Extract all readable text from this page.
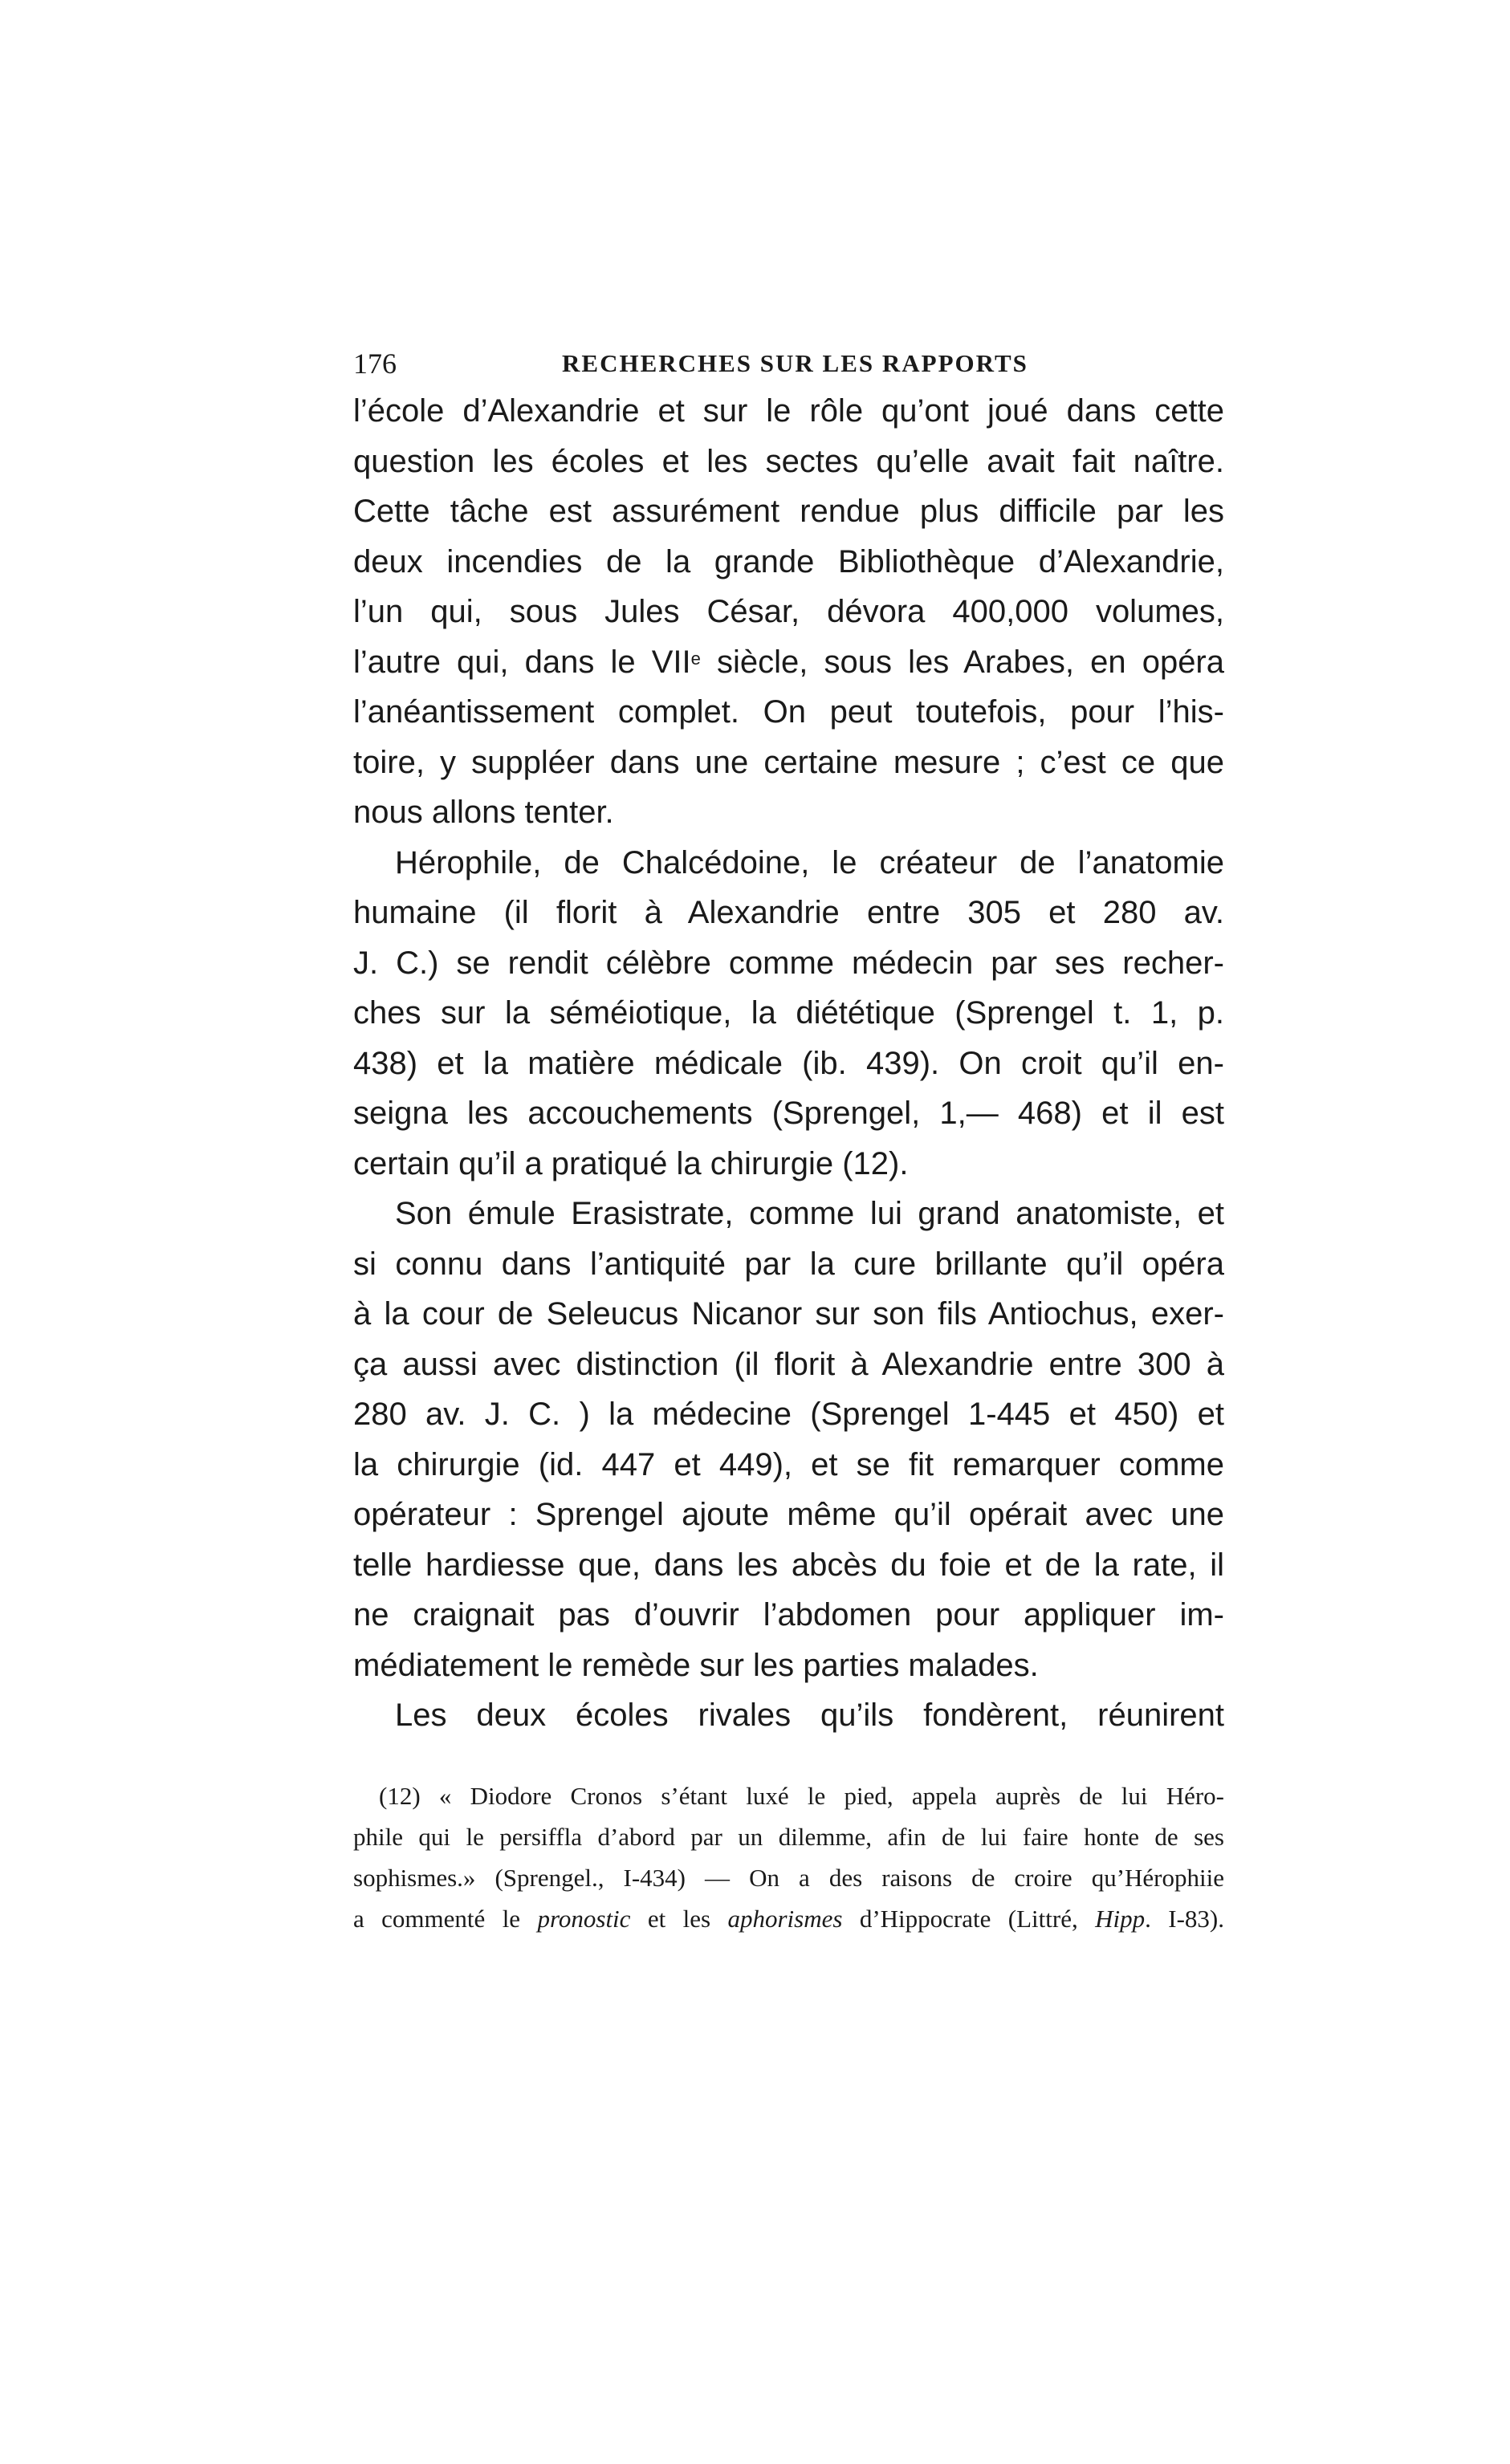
176	RECHERCHES SUR LES RAPPORTS
l’école d’Alexandrie et sur le rôle qu’ont joué dans cette
question les écoles et les sectes qu’elle avait fait naître.
Cette tâche est assurément rendue plus difficile par les
deux incendies de la grande Bibliothèque d’Alexandrie,
l’un qui, sous Jules César, dévora 400,000 volumes,
l’autre qui, dans le VIIe siècle, sous les Arabes, en opéra
l’anéantissement complet. On peut toutefois, pour l’his-
toire, y suppléer dans une certaine mesure ; c’est ce que
nous allons tenter.
Hérophile, de Chalcédoine, le créateur de l’anatomie
humaine (il florit à Alexandrie entre 305 et 280 av.
J. C.) se rendit célèbre comme médecin par ses recher-
ches sur la séméiotique, la diététique (Sprengel t. 1, p.
438) et la matière médicale (ib. 439). On croit qu’il en-
seigna les accouchements (Sprengel, 1,— 468) et il est
certain qu’il a pratiqué la chirurgie (12).
Son émule Erasistrate, comme lui grand anatomiste, et
si connu dans l’antiquité par la cure brillante qu’il opéra
à la cour de Seleucus Nicanor sur son fils Antiochus, exer-
ça aussi avec distinction (il florit à Alexandrie entre 300 à
280 av. J. C. ) la médecine (Sprengel 1-445 et 450) et
la chirurgie (id. 447 et 449), et se fit remarquer comme
opérateur : Sprengel ajoute même qu’il opérait avec une
telle hardiesse que, dans les abcès du foie et de la rate, il
ne craignait pas d’ouvrir l’abdomen pour appliquer im-
médiatement le remède sur les parties malades.
Les deux écoles rivales qu’ils fondèrent, réunirent
(12) « Diodore Cronos s’étant luxé le pied, appela auprès de lui Héro-
phile qui le persiffla d’abord par un dilemme, afin de lui faire honte de ses
sophismes.» (Sprengel., I-434) — On a des raisons de croire qu’Hérophiie
a commenté le pronostic et les aphorismes d’Hippocrate (Littré, Hipp. I-83).
